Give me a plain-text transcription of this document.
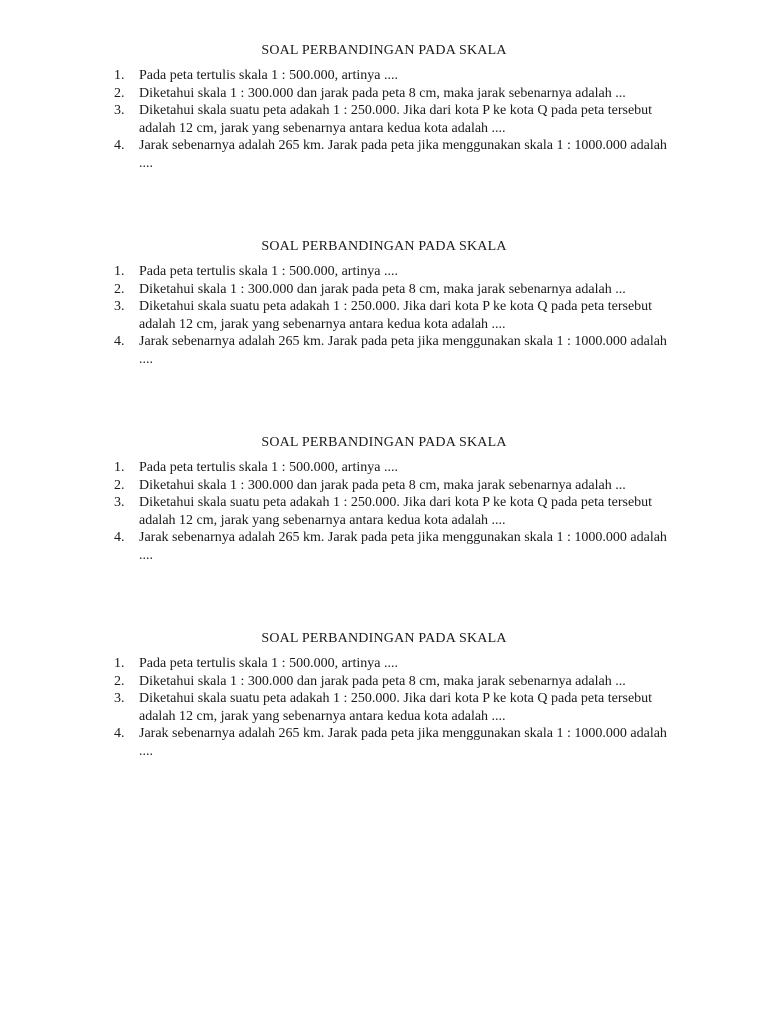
SOAL PERBANDINGAN PADA SKALA
1. Pada peta tertulis skala 1 : 500.000, artinya ....
2. Diketahui skala 1 : 300.000 dan jarak pada peta 8 cm, maka jarak sebenarnya adalah ...
3. Diketahui skala suatu peta adakah 1 : 250.000. Jika dari kota P ke kota Q pada peta tersebut adalah 12 cm, jarak yang sebenarnya antara kedua kota adalah ....
4. Jarak sebenarnya adalah 265 km. Jarak pada peta jika menggunakan skala 1 : 1000.000 adalah ....
SOAL PERBANDINGAN PADA SKALA
1. Pada peta tertulis skala 1 : 500.000, artinya ....
2. Diketahui skala 1 : 300.000 dan jarak pada peta 8 cm, maka jarak sebenarnya adalah ...
3. Diketahui skala suatu peta adakah 1 : 250.000. Jika dari kota P ke kota Q pada peta tersebut adalah 12 cm, jarak yang sebenarnya antara kedua kota adalah ....
4. Jarak sebenarnya adalah 265 km. Jarak pada peta jika menggunakan skala 1 : 1000.000 adalah ....
SOAL PERBANDINGAN PADA SKALA
1. Pada peta tertulis skala 1 : 500.000, artinya ....
2. Diketahui skala 1 : 300.000 dan jarak pada peta 8 cm, maka jarak sebenarnya adalah ...
3. Diketahui skala suatu peta adakah 1 : 250.000. Jika dari kota P ke kota Q pada peta tersebut adalah 12 cm, jarak yang sebenarnya antara kedua kota adalah ....
4. Jarak sebenarnya adalah 265 km. Jarak pada peta jika menggunakan skala 1 : 1000.000 adalah ....
SOAL PERBANDINGAN PADA SKALA
1. Pada peta tertulis skala 1 : 500.000, artinya ....
2. Diketahui skala 1 : 300.000 dan jarak pada peta 8 cm, maka jarak sebenarnya adalah ...
3. Diketahui skala suatu peta adakah 1 : 250.000. Jika dari kota P ke kota Q pada peta tersebut adalah 12 cm, jarak yang sebenarnya antara kedua kota adalah ....
4. Jarak sebenarnya adalah 265 km. Jarak pada peta jika menggunakan skala 1 : 1000.000 adalah ....
